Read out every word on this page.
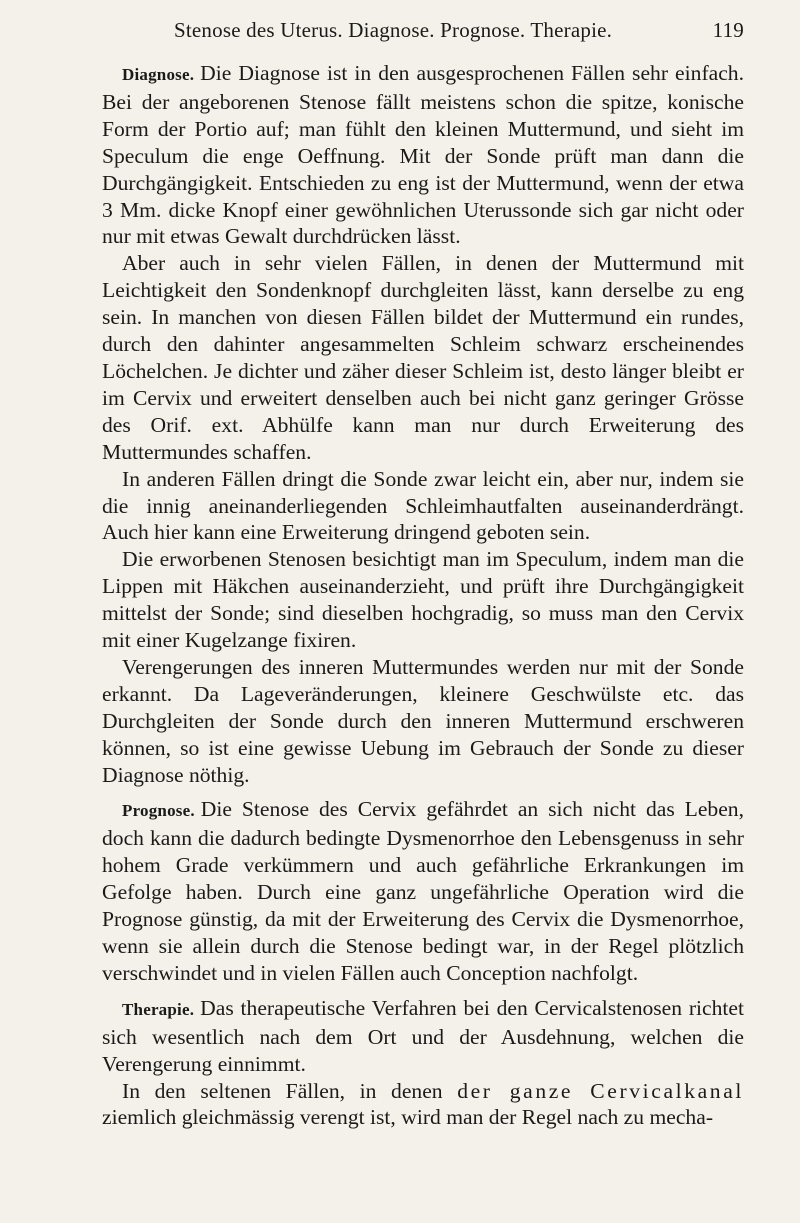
Stenose des Uterus. Diagnose. Prognose. Therapie.	119

Diagnose. Die Diagnose ist in den ausgesprochenen Fällen sehr einfach. Bei der angeborenen Stenose fällt meistens schon die spitze, konische Form der Portio auf; man fühlt den kleinen Muttermund, und sieht im Speculum die enge Oeffnung. Mit der Sonde prüft man dann die Durchgängigkeit. Entschieden zu eng ist der Muttermund, wenn der etwa 3 Mm. dicke Knopf einer gewöhnlichen Uterussonde sich gar nicht oder nur mit etwas Gewalt durchdrücken lässt.

Aber auch in sehr vielen Fällen, in denen der Muttermund mit Leichtigkeit den Sondenknopf durchgleiten lässt, kann derselbe zu eng sein. In manchen von diesen Fällen bildet der Muttermund ein rundes, durch den dahinter angesammelten Schleim schwarz erscheinendes Löchelchen. Je dichter und zäher dieser Schleim ist, desto länger bleibt er im Cervix und erweitert denselben auch bei nicht ganz geringer Grösse des Orif. ext. Abhülfe kann man nur durch Erweiterung des Muttermundes schaffen.

In anderen Fällen dringt die Sonde zwar leicht ein, aber nur, indem sie die innig aneinanderliegenden Schleimhautfalten auseinanderdrängt. Auch hier kann eine Erweiterung dringend geboten sein.

Die erworbenen Stenosen besichtigt man im Speculum, indem man die Lippen mit Häkchen auseinanderzieht, und prüft ihre Durchgängigkeit mittelst der Sonde; sind dieselben hochgradig, so muss man den Cervix mit einer Kugelzange fixiren.

Verengerungen des inneren Muttermundes werden nur mit der Sonde erkannt. Da Lageveränderungen, kleinere Geschwülste etc. das Durchgleiten der Sonde durch den inneren Muttermund erschweren können, so ist eine gewisse Uebung im Gebrauch der Sonde zu dieser Diagnose nöthig.

Prognose. Die Stenose des Cervix gefährdet an sich nicht das Leben, doch kann die dadurch bedingte Dysmenorrhoe den Lebensgenuss in sehr hohem Grade verkümmern und auch gefährliche Erkrankungen im Gefolge haben. Durch eine ganz ungefährliche Operation wird die Prognose günstig, da mit der Erweiterung des Cervix die Dysmenorrhoe, wenn sie allein durch die Stenose bedingt war, in der Regel plötzlich verschwindet und in vielen Fällen auch Conception nachfolgt.

Therapie. Das therapeutische Verfahren bei den Cervicalstenosen richtet sich wesentlich nach dem Ort und der Ausdehnung, welchen die Verengerung einnimmt.

In den seltenen Fällen, in denen der ganze Cervicalkanal ziemlich gleichmässig verengt ist, wird man der Regel nach zu mecha-
